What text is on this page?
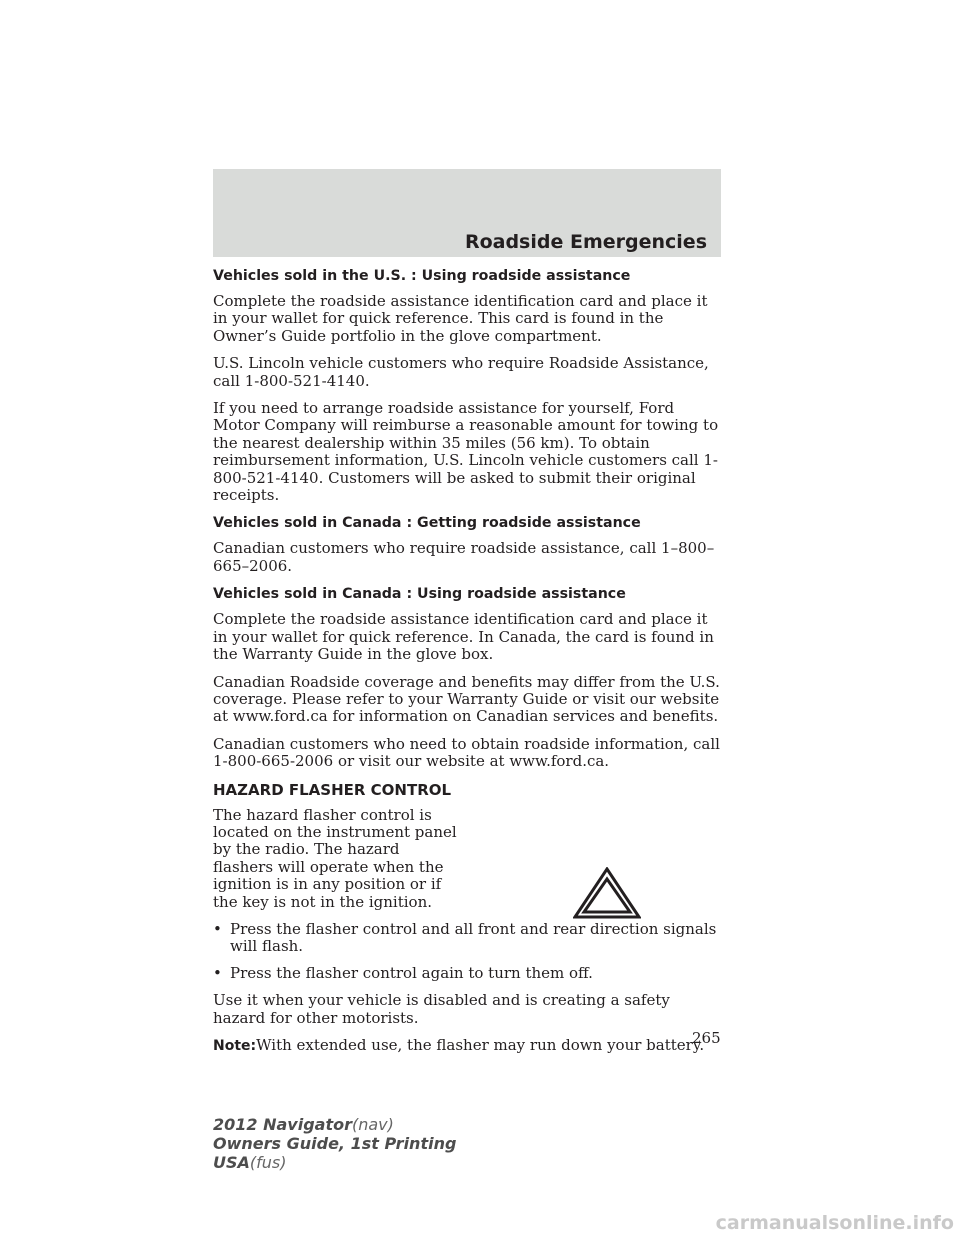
Roadside Emergencies
Vehicles sold in the U.S. : Using roadside assistance

Complete the roadside assistance identification card and place it in your wallet for quick reference. This card is found in the Owner’s Guide portfolio in the glove compartment.

U.S. Lincoln vehicle customers who require Roadside Assistance, call 1-800-521-4140.

If you need to arrange roadside assistance for yourself, Ford Motor Company will reimburse a reasonable amount for towing to the nearest dealership within 35 miles (56 km). To obtain reimbursement information, U.S. Lincoln vehicle customers call 1-800-521-4140. Customers will be asked to submit their original receipts.

Vehicles sold in Canada : Getting roadside assistance

Canadian customers who require roadside assistance, call 1–800–665–2006.

Vehicles sold in Canada : Using roadside assistance

Complete the roadside assistance identification card and place it in your wallet for quick reference. In Canada, the card is found in the Warranty Guide in the glove box.

Canadian Roadside coverage and benefits may differ from the U.S. coverage. Please refer to your Warranty Guide or visit our website at www.ford.ca for information on Canadian services and benefits.

Canadian customers who need to obtain roadside information, call 1-800-665-2006 or visit our website at www.ford.ca.

HAZARD FLASHER CONTROL

The hazard flasher control is located on the instrument panel by the radio. The hazard flashers will operate when the ignition is in any position or if the key is not in the ignition.

• Press the flasher control and all front and rear direction signals will flash.
• Press the flasher control again to turn them off.

Use it when your vehicle is disabled and is creating a safety hazard for other motorists.

Note:With extended use, the flasher may run down your battery.

265
2012 Navigator(nav)
Owners Guide, 1st Printing
USA(fus)
carmanualsonline.info
